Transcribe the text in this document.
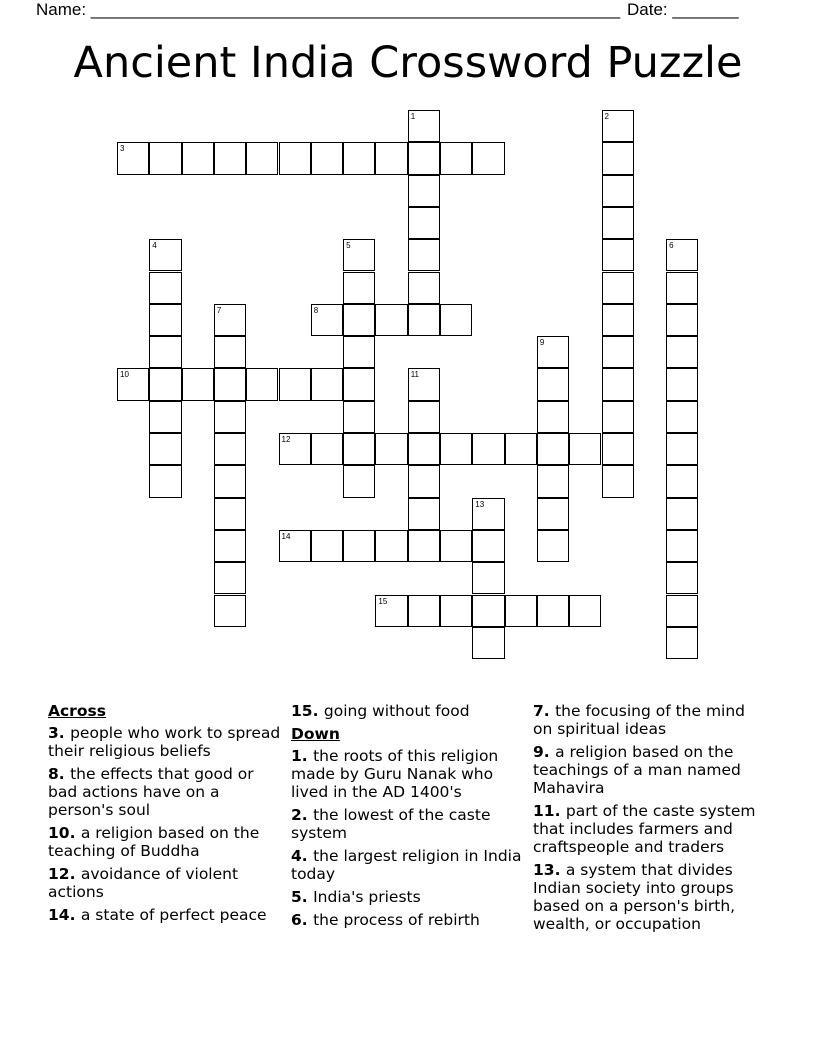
Name: ________________________________________________________ Date: _______
Ancient India Crossword Puzzle
1	2
3
4	5	6
7	8
9
10	11
12
13
14
15
Across
3. people who work to spread their religious beliefs
8. the effects that good or bad actions have on a person's soul
10. a religion based on the teaching of Buddha
12. avoidance of violent actions
14. a state of perfect peace
15. going without food
Down
1. the roots of this religion made by Guru Nanak who lived in the AD 1400's
2. the lowest of the caste system
4. the largest religion in India today
5. India's priests
6. the process of rebirth
7. the focusing of the mind on spiritual ideas
9. a religion based on the teachings of a man named Mahavira
11. part of the caste system that includes farmers and craftspeople and traders
13. a system that divides Indian society into groups based on a person's birth, wealth, or occupation
